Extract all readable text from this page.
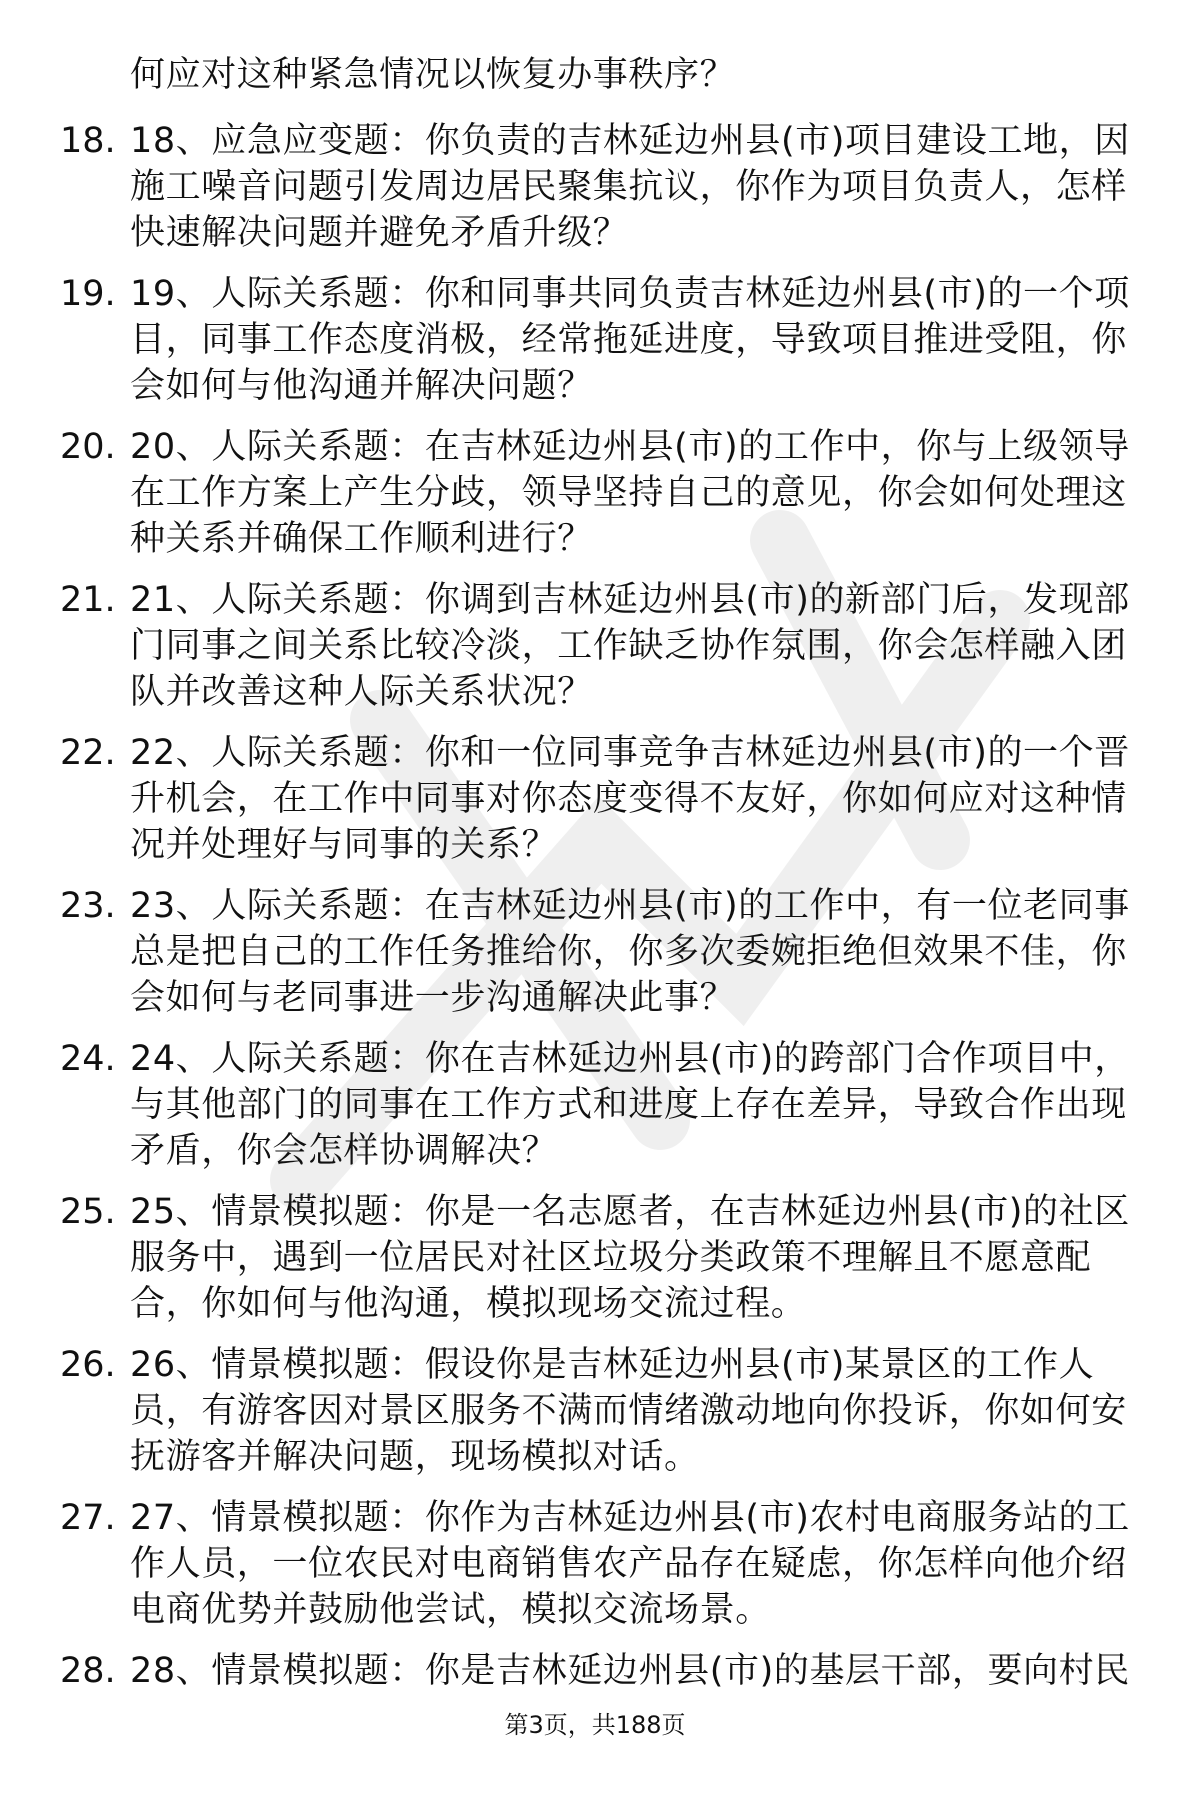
何应对这种紧急情况以恢复办事秩序？
18. 18、应急应变题：你负责的吉林延边州县(市)项目建设工地，因
施工噪音问题引发周边居民聚集抗议，你作为项目负责人，怎样
快速解决问题并避免矛盾升级？
19. 19、人际关系题：你和同事共同负责吉林延边州县(市)的一个项
目，同事工作态度消极，经常拖延进度，导致项目推进受阻，你
会如何与他沟通并解决问题？
20. 20、人际关系题：在吉林延边州县(市)的工作中，你与上级领导
在工作方案上产生分歧，领导坚持自己的意见，你会如何处理这
种关系并确保工作顺利进行？
21. 21、人际关系题：你调到吉林延边州县(市)的新部门后，发现部
门同事之间关系比较冷淡，工作缺乏协作氛围，你会怎样融入团
队并改善这种人际关系状况？
22. 22、人际关系题：你和一位同事竞争吉林延边州县(市)的一个晋
升机会，在工作中同事对你态度变得不友好，你如何应对这种情
况并处理好与同事的关系？
23. 23、人际关系题：在吉林延边州县(市)的工作中，有一位老同事
总是把自己的工作任务推给你，你多次委婉拒绝但效果不佳，你
会如何与老同事进一步沟通解决此事？
24. 24、人际关系题：你在吉林延边州县(市)的跨部门合作项目中，
与其他部门的同事在工作方式和进度上存在差异，导致合作出现
矛盾，你会怎样协调解决？
25. 25、情景模拟题：你是一名志愿者，在吉林延边州县(市)的社区
服务中，遇到一位居民对社区垃圾分类政策不理解且不愿意配
合，你如何与他沟通，模拟现场交流过程。
26. 26、情景模拟题：假设你是吉林延边州县(市)某景区的工作人
员，有游客因对景区服务不满而情绪激动地向你投诉，你如何安
抚游客并解决问题，现场模拟对话。
27. 27、情景模拟题：你作为吉林延边州县(市)农村电商服务站的工
作人员，一位农民对电商销售农产品存在疑虑，你怎样向他介绍
电商优势并鼓励他尝试，模拟交流场景。
28. 28、情景模拟题：你是吉林延边州县(市)的基层干部，要向村民
第3页，共188页
